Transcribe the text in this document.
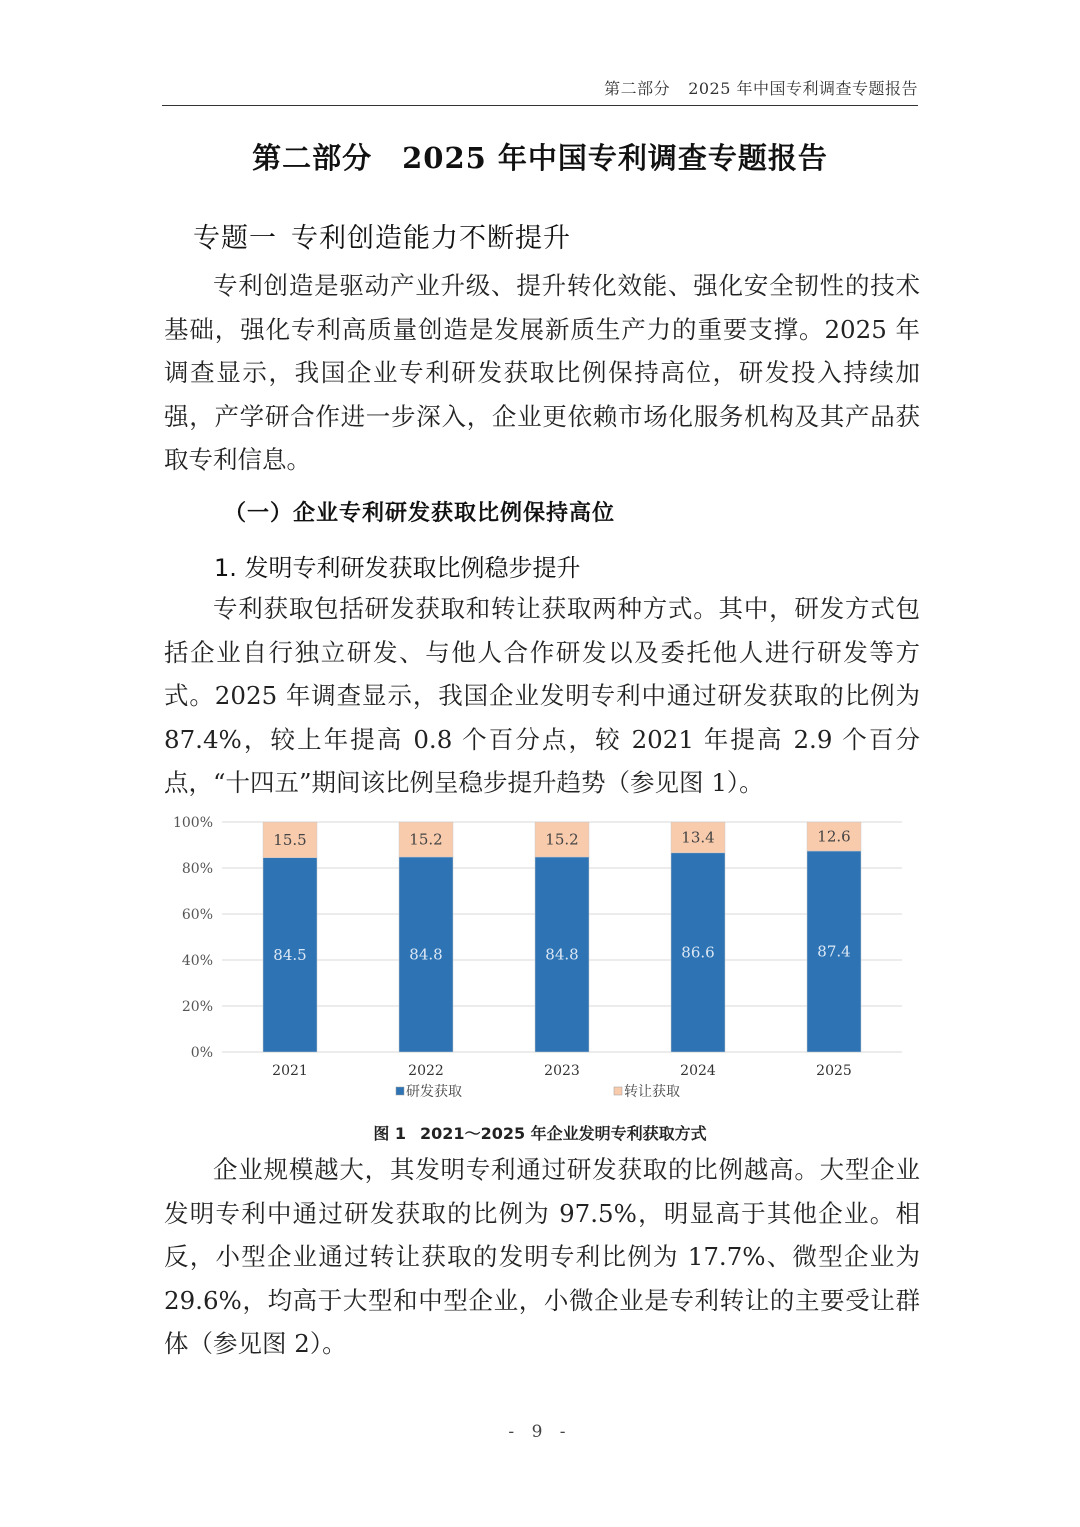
第二部分 2025 年中国专利调查专题报告
第二部分 2025 年中国专利调查专题报告
专题一 专利创造能力不断提升

专利创造是驱动产业升级、提升转化效能、强化安全韧性的技术基础，强化专利高质量创造是发展新质生产力的重要支撑。2025 年调查显示，我国企业专利研发获取比例保持高位，研发投入持续加强，产学研合作进一步深入，企业更依赖市场化服务机构及其产品获取专利信息。

（一）企业专利研发获取比例保持高位
1. 发明专利研发获取比例稳步提升

专利获取包括研发获取和转让获取两种方式。其中，研发方式包括企业自行独立研发、与他人合作研发以及委托他人进行研发等方式。2025 年调查显示，我国企业发明专利中通过研发获取的比例为 87.4%，较上年提高 0.8 个百分点，较 2021 年提高 2.9 个百分点，“十四五”期间该比例呈稳步提升趋势（参见图 1）。

0%
20%
40%
60%
80%
100%
84.5
15.5
2021
84.8
15.2
2022
84.8
15.2
2023
86.6
13.4
2024
87.4
12.6
2025
研发获取	转让获取
图 1 2021～2025 年企业发明专利获取方式

企业规模越大，其发明专利通过研发获取的比例越高。大型企业发明专利中通过研发获取的比例为 97.5%，明显高于其他企业。相反，小型企业通过转让获取的发明专利比例为 17.7%、微型企业为 29.6%，均高于大型和中型企业，小微企业是专利转让的主要受让群体（参见图 2）。

- 9 -
